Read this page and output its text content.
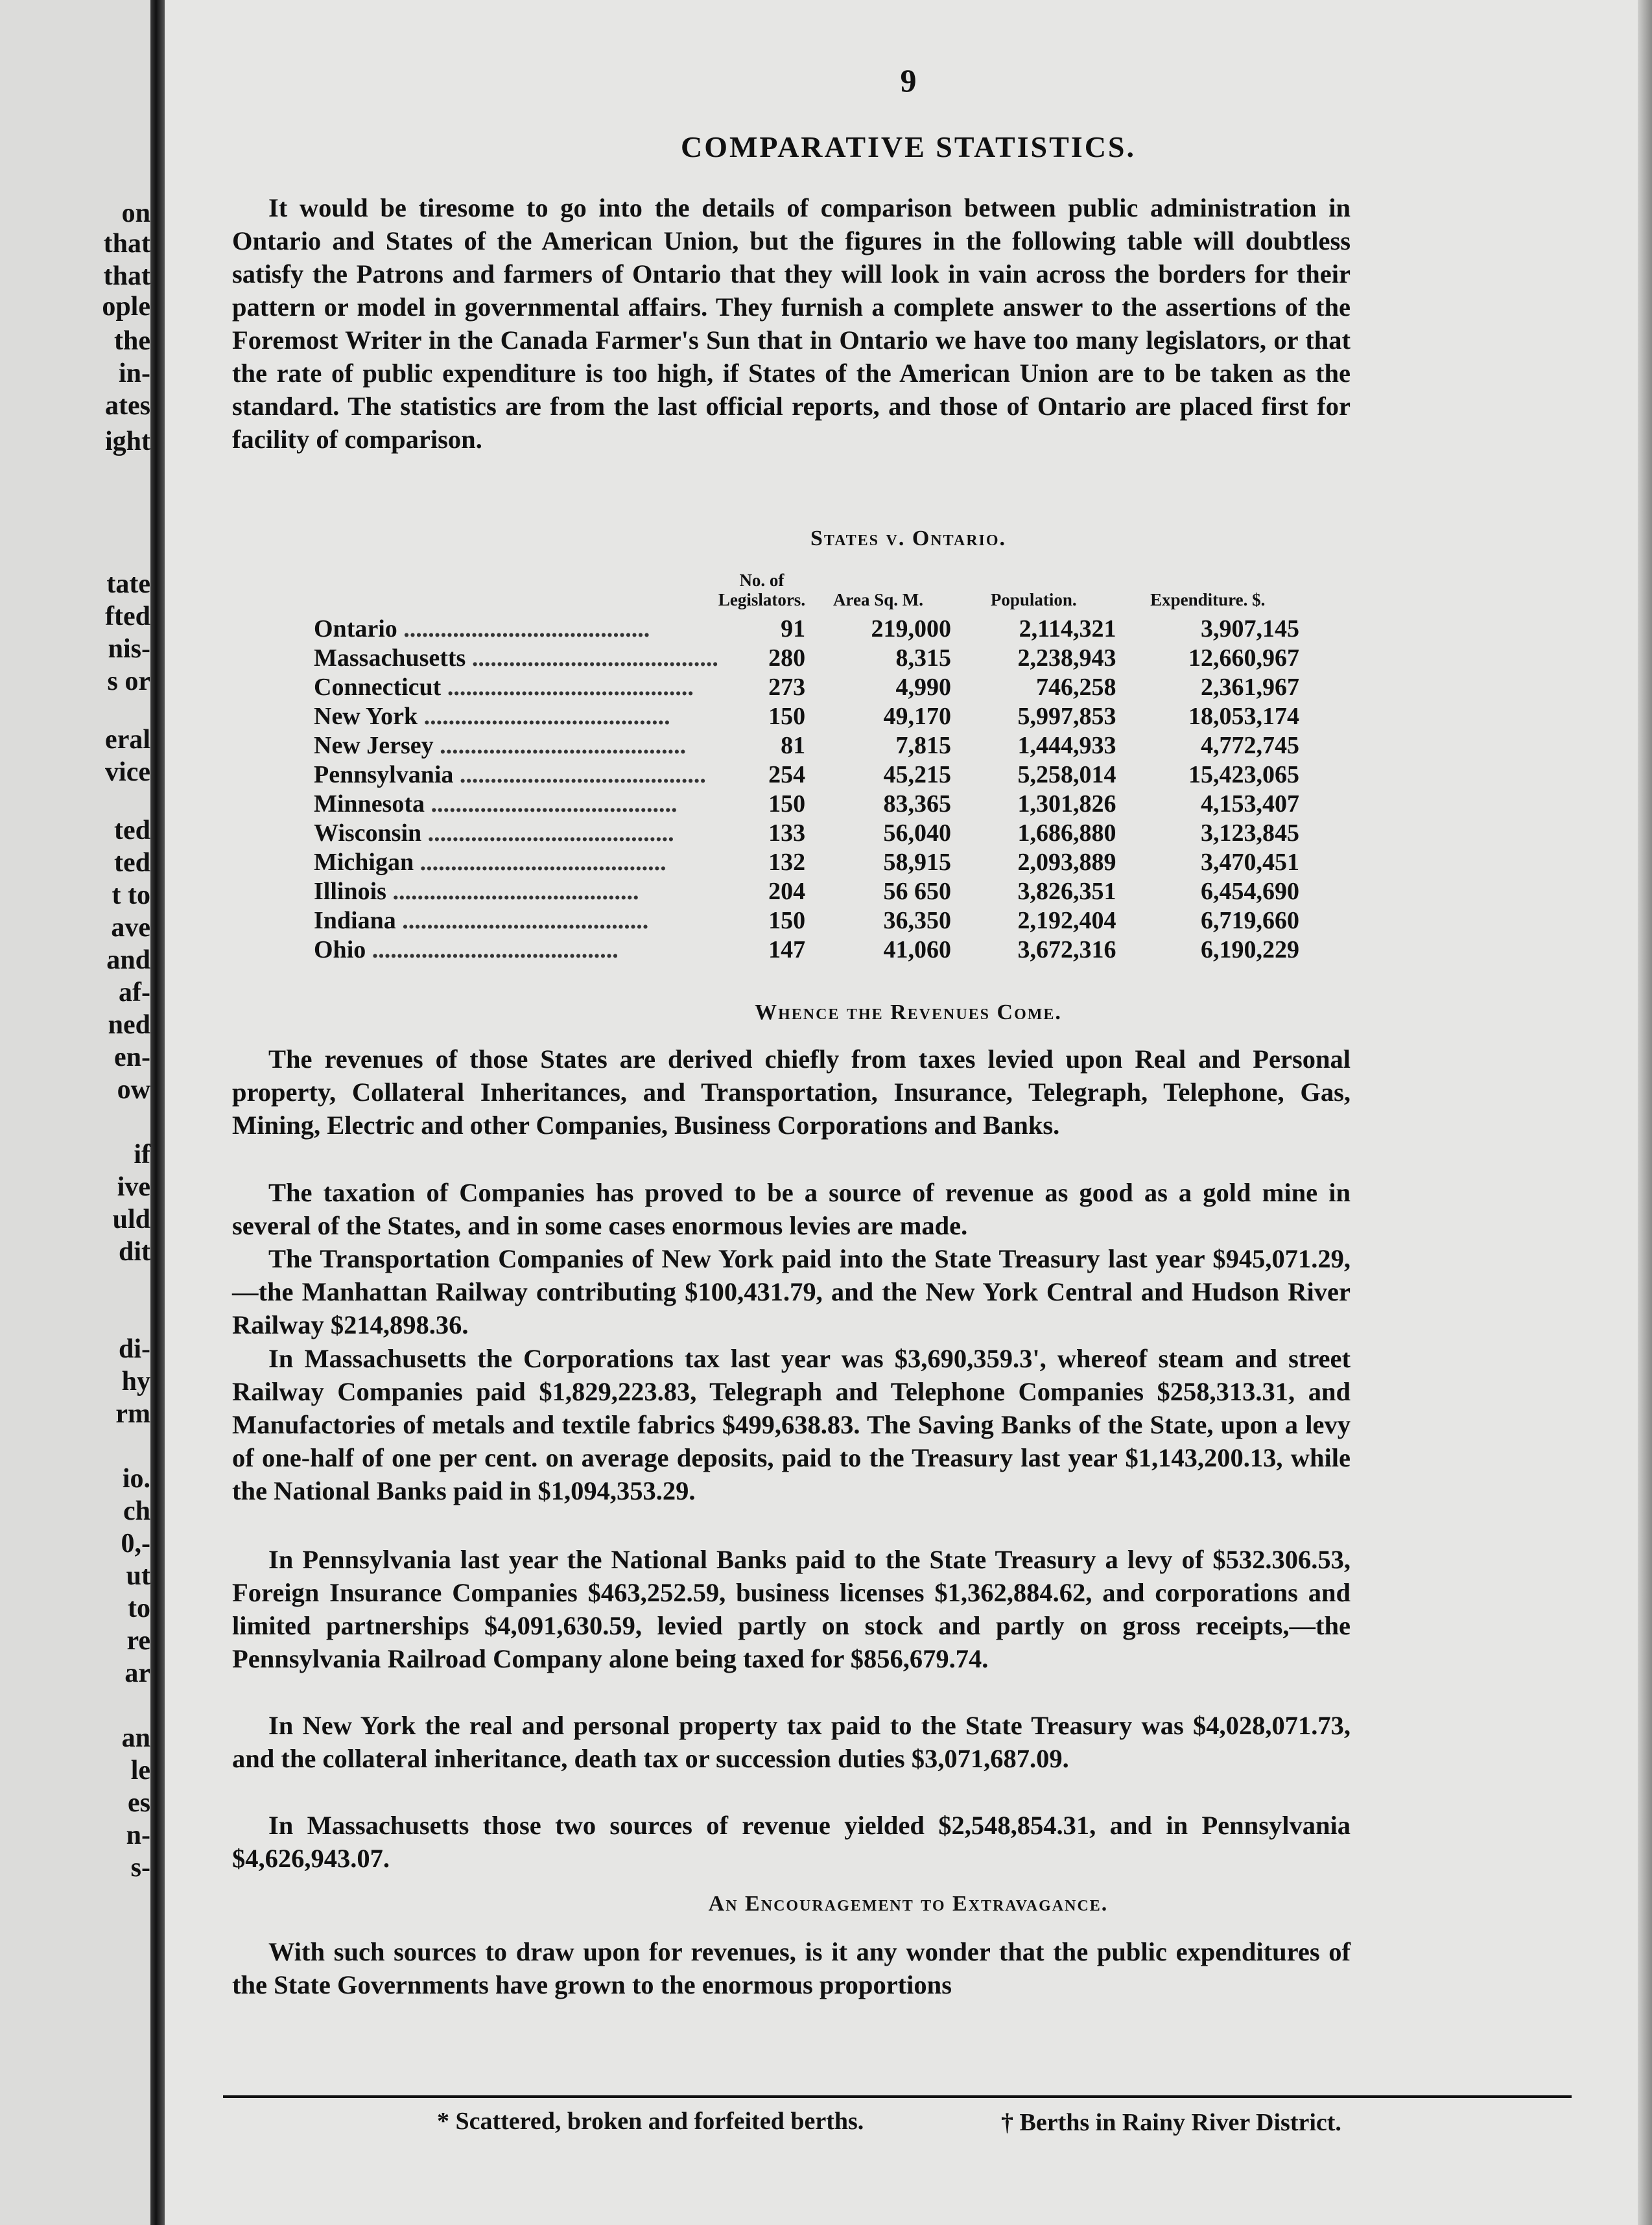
on
that
that
ople
the
in-
ates
ight
tate
fted
nis-
s or
eral
vice
ted
ted
t to
ave
and
af-
ned
en-
ow
if
ive
uld
dit
di-
hy
rm
io.
ch
0,-
ut
to
re
ar
an
le
es
n-
s-
9
COMPARATIVE STATISTICS.

It would be tiresome to go into the details of comparison between public administration in Ontario and States of the American Union, but the figures in the following table will doubtless satisfy the Patrons and farmers of Ontario that they will look in vain across the borders for their pattern or model in governmental affairs. They furnish a complete answer to the assertions of the Foremost Writer in the Canada Farmer's Sun that in Ontario we have too many legislators, or that the rate of public expenditure is too high, if States of the American Union are to be taken as the standard. The statistics are from the last official reports, and those of Ontario are placed first for facility of comparison.

States v. Ontario.
	No. of Legislators.	Area Sq. M.	Population.	Expenditure. $.
Ontario ........................................	91	219,000	2,114,321	3,907,145
Massachusetts ........................................	280	8,315	2,238,943	12,660,967
Connecticut ........................................	273	4,990	746,258	2,361,967
New York ........................................	150	49,170	5,997,853	18,053,174
New Jersey ........................................	81	7,815	1,444,933	4,772,745
Pennsylvania ........................................	254	45,215	5,258,014	15,423,065
Minnesota ........................................	150	83,365	1,301,826	4,153,407
Wisconsin ........................................	133	56,040	1,686,880	3,123,845
Michigan ........................................	132	58,915	2,093,889	3,470,451
Illinois ........................................	204	56 650	3,826,351	6,454,690
Indiana ........................................	150	36,350	2,192,404	6,719,660
Ohio ........................................	147	41,060	3,672,316	6,190,229
Whence the Revenues Come.

The revenues of those States are derived chiefly from taxes levied upon Real and Personal property, Collateral Inheritances, and Transportation, Insurance, Telegraph, Telephone, Gas, Mining, Electric and other Companies, Business Corporations and Banks.

The taxation of Companies has proved to be a source of revenue as good as a gold mine in several of the States, and in some cases enormous levies are made.

The Transportation Companies of New York paid into the State Treasury last year $945,071.29,—the Manhattan Railway contributing $100,431.79, and the New York Central and Hudson River Railway $214,898.36.

In Massachusetts the Corporations tax last year was $3,690,359.3', whereof steam and street Railway Companies paid $1,829,223.83, Telegraph and Telephone Companies $258,313.31, and Manufactories of metals and textile fabrics $499,638.83. The Saving Banks of the State, upon a levy of one-half of one per cent. on average deposits, paid to the Treasury last year $1,143,200.13, while the National Banks paid in $1,094,353.29.

In Pennsylvania last year the National Banks paid to the State Treasury a levy of $532.306.53, Foreign Insurance Companies $463,252.59, business licenses $1,362,884.62, and corporations and limited partnerships $4,091,630.59, levied partly on stock and partly on gross receipts,—the Pennsylvania Railroad Company alone being taxed for $856,679.74.

In New York the real and personal property tax paid to the State Treasury was $4,028,071.73, and the collateral inheritance, death tax or succession duties $3,071,687.09.

In Massachusetts those two sources of revenue yielded $2,548,854.31, and in Pennsylvania $4,626,943.07.

An Encouragement to Extravagance.

With such sources to draw upon for revenues, is it any wonder that the public expenditures of the State Governments have grown to the enormous proportions

* Scattered, broken and forfeited berths.	† Berths in Rainy River District.
